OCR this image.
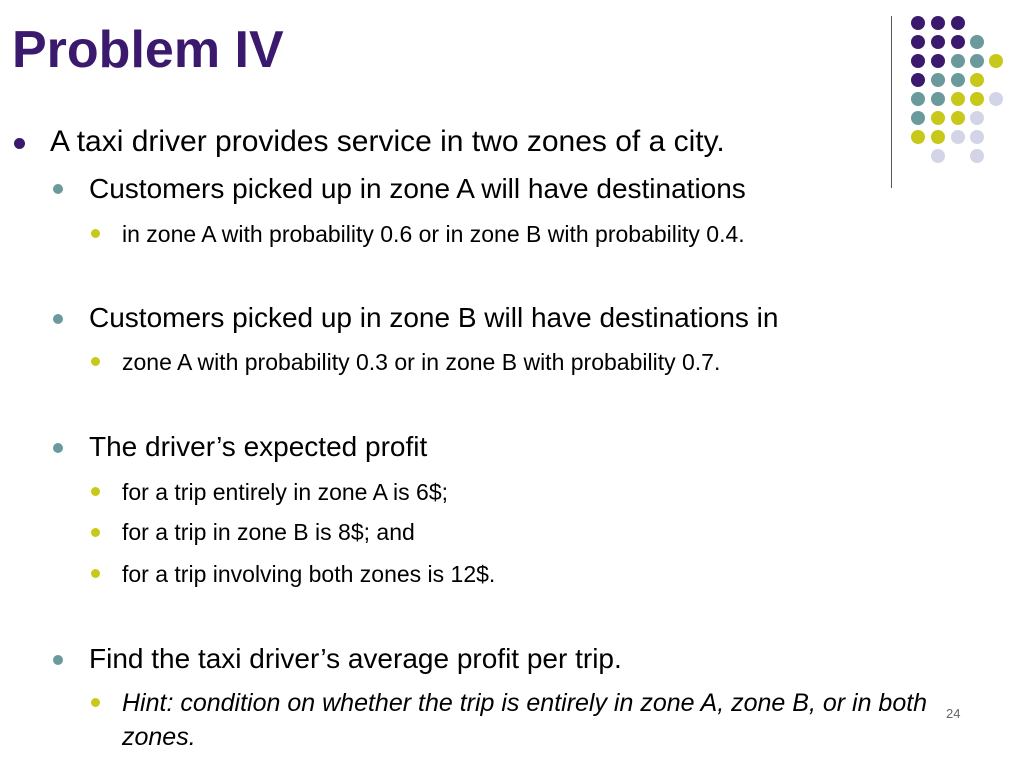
Problem IV
A taxi driver provides service in two zones of a city.
Customers picked up in zone A will have destinations
in zone A with probability 0.6 or in zone B with probability 0.4.
Customers picked up in zone B will have destinations in
zone A with probability 0.3 or in zone B with probability 0.7.
The driver’s expected profit
for a trip entirely in zone A is 6$;
for a trip in zone B is 8$; and
for a trip involving both zones is 12$.
Find the taxi driver’s average profit per trip.
Hint: condition on whether the trip is entirely in zone A, zone B, or in both zones.
24
